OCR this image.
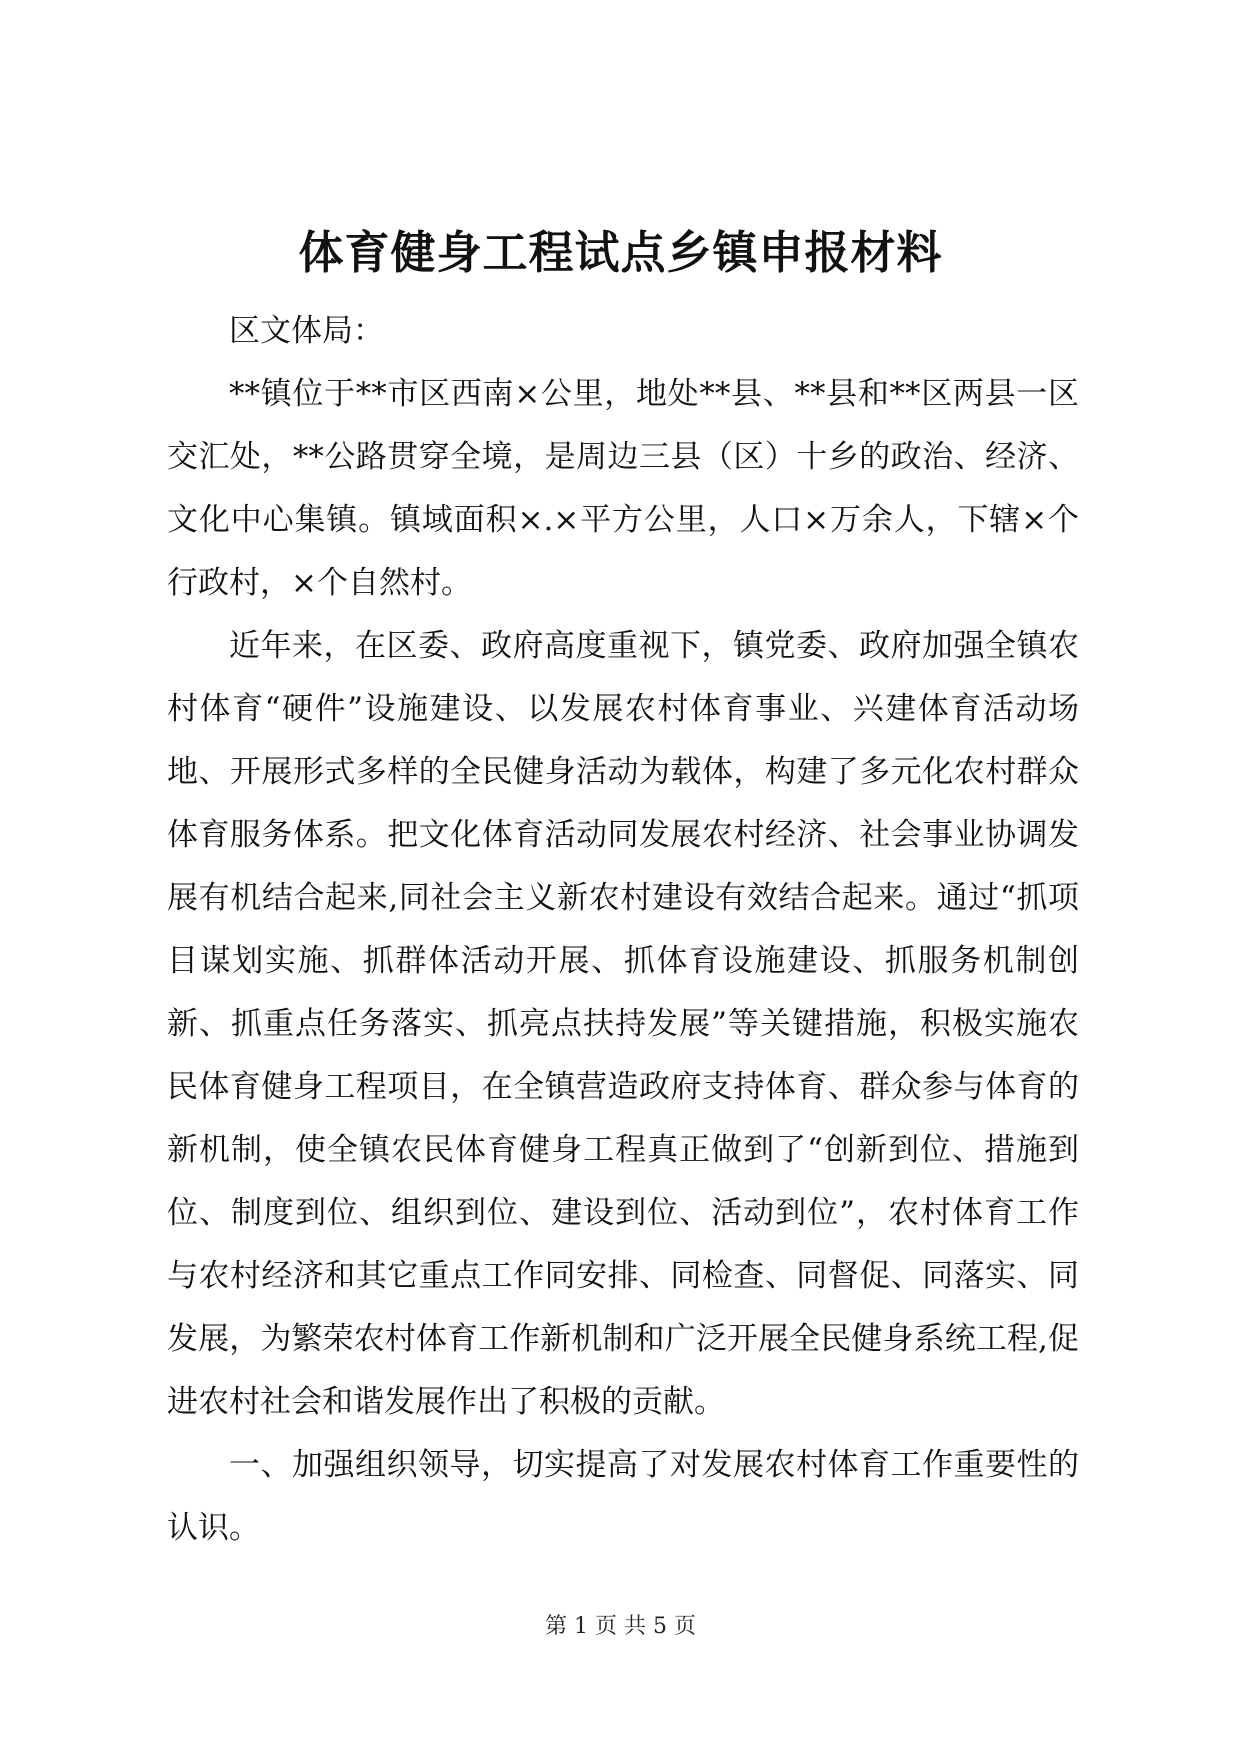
体育健身工程试点乡镇申报材料

区文体局：

**镇位于**市区西南×公里，地处**县、**县和**区两县一区交汇处，**公路贯穿全境，是周边三县（区）十乡的政治、经济、文化中心集镇。镇域面积×.×平方公里，人口×万余人，下辖×个行政村，×个自然村。

近年来，在区委、政府高度重视下，镇党委、政府加强全镇农村体育“硬件”设施建设、以发展农村体育事业、兴建体育活动场地、开展形式多样的全民健身活动为载体，构建了多元化农村群众体育服务体系。把文化体育活动同发展农村经济、社会事业协调发展有机结合起来,同社会主义新农村建设有效结合起来。通过“抓项目谋划实施、抓群体活动开展、抓体育设施建设、抓服务机制创新、抓重点任务落实、抓亮点扶持发展”等关键措施，积极实施农民体育健身工程项目，在全镇营造政府支持体育、群众参与体育的新机制，使全镇农民体育健身工程真正做到了“创新到位、措施到位、制度到位、组织到位、建设到位、活动到位”，农村体育工作与农村经济和其它重点工作同安排、同检查、同督促、同落实、同发展，为繁荣农村体育工作新机制和广泛开展全民健身系统工程,促进农村社会和谐发展作出了积极的贡献。

一、加强组织领导，切实提高了对发展农村体育工作重要性的认识。

第 1 页 共 5 页
